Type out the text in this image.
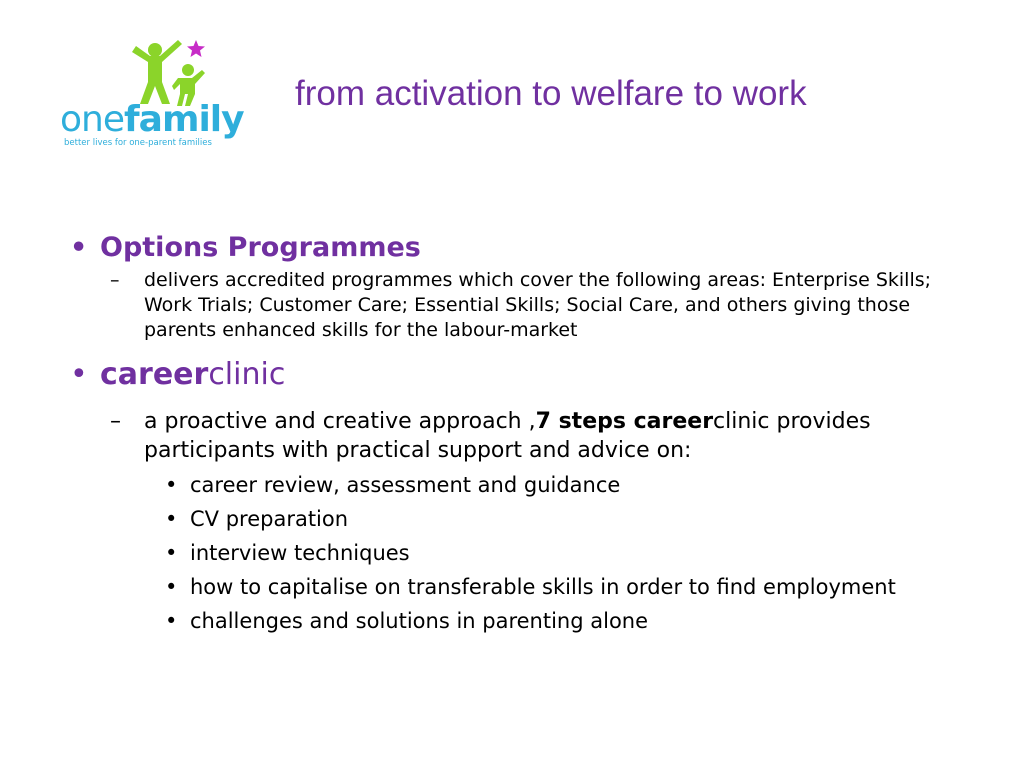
onefamily
better lives for one-parent families
from activation to welfare to work
• Options Programmes
– delivers accredited programmes which cover the following areas: Enterprise Skills; Work Trials; Customer Care; Essential Skills; Social Care, and others giving those parents enhanced skills for the labour-market
• careerclinic
– a proactive and creative approach ,7 steps careerclinic provides participants with practical support and advice on:
• career review, assessment and guidance
• CV preparation
• interview techniques
• how to capitalise on transferable skills in order to find employment
• challenges and solutions in parenting alone
